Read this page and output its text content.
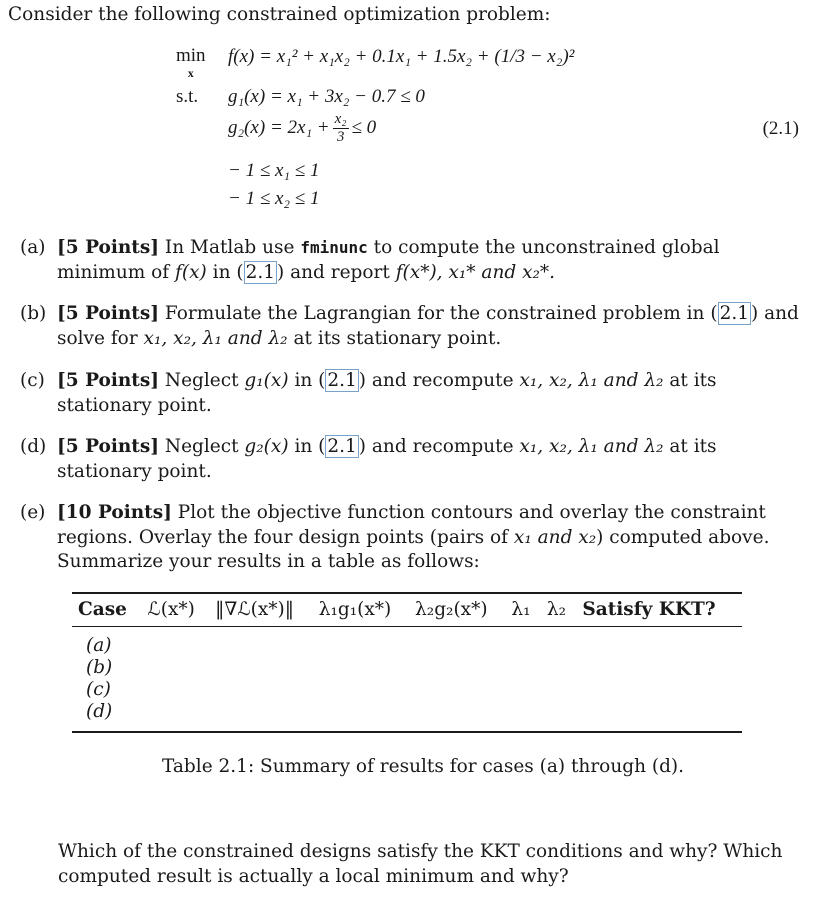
Consider the following constrained optimization problem:
min
x
f(x) = x₁² + x₁x₂ + 0.1x₁ + 1.5x₂ + (1/3 − x₂)²
s.t. g₁(x) = x₁ + 3x₂ − 0.7 ≤ 0
$g_2(x) = 2x_1 + \frac{\text{x₂}}{3} \le 0$	(2.1)
− 1 ≤ x₁ ≤ 1
− 1 ≤ x₂ ≤ 1
(a) [5 Points] In Matlab use fminunc to compute the unconstrained global minimum of f(x) in ( 2.1 ) and report f(x*), x₁* and x₂*.
(b) [5 Points] Formulate the Lagrangian for the constrained problem in ( 2.1 ) and solve for x₁, x₂, λ₁ and λ₂ at its stationary point.
(c) [5 Points] Neglect g₁(x) in ( 2.1 ) and recompute x₁, x₂, λ₁ and λ₂ at its stationary point.
(d) [5 Points] Neglect g₂(x) in ( 2.1 ) and recompute x₁, x₂, λ₁ and λ₂ at its stationary point.
(e) [10 Points] Plot the objective function contours and overlay the constraint regions. Overlay the four design points (pairs of x₁ and x₂) computed above. Summarize your results in a table as follows:
Case	ℒ(x*)	‖∇ℒ(x*)‖	λ₁g₁(x*)	λ₂g₂(x*)	λ₁	λ₂	Satisfy KKT?
(a)							
(b)							
(c)							
(d)							
Table 2.1: Summary of results for cases (a) through (d).
Which of the constrained designs satisfy the KKT conditions and why? Which computed result is actually a local minimum and why?
